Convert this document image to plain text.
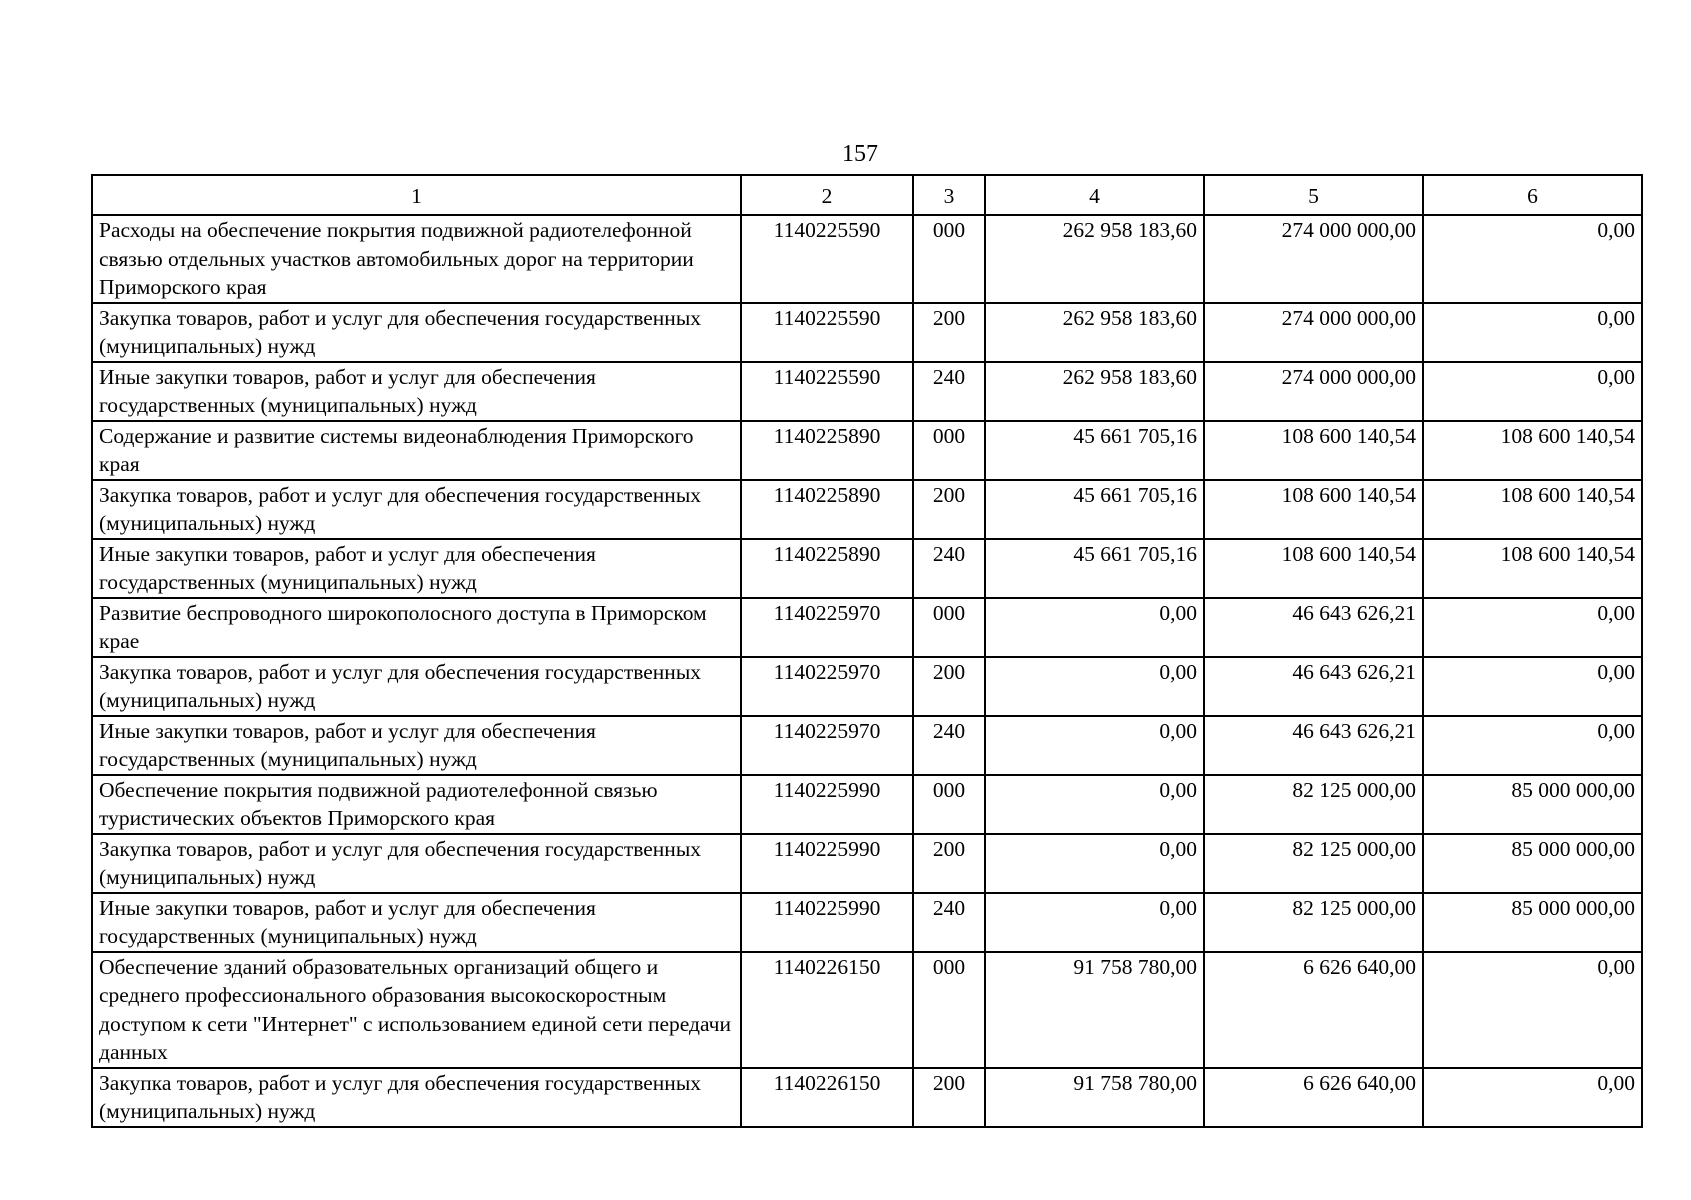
157
1	2	3	4	5	6
Расходы на обеспечение покрытия подвижной радиотелефонной связью отдельных участков автомобильных дорог на территории Приморского края	1140225590	000	262 958 183,60	274 000 000,00	0,00
Закупка товаров, работ и услуг для обеспечения государственных (муниципальных) нужд	1140225590	200	262 958 183,60	274 000 000,00	0,00
Иные закупки товаров, работ и услуг для обеспечения государственных (муниципальных) нужд	1140225590	240	262 958 183,60	274 000 000,00	0,00
Содержание и развитие системы видеонаблюдения Приморского края	1140225890	000	45 661 705,16	108 600 140,54	108 600 140,54
Закупка товаров, работ и услуг для обеспечения государственных (муниципальных) нужд	1140225890	200	45 661 705,16	108 600 140,54	108 600 140,54
Иные закупки товаров, работ и услуг для обеспечения государственных (муниципальных) нужд	1140225890	240	45 661 705,16	108 600 140,54	108 600 140,54
Развитие беспроводного широкополосного доступа в Приморском крае	1140225970	000	0,00	46 643 626,21	0,00
Закупка товаров, работ и услуг для обеспечения государственных (муниципальных) нужд	1140225970	200	0,00	46 643 626,21	0,00
Иные закупки товаров, работ и услуг для обеспечения государственных (муниципальных) нужд	1140225970	240	0,00	46 643 626,21	0,00
Обеспечение покрытия подвижной радиотелефонной связью туристических объектов Приморского края	1140225990	000	0,00	82 125 000,00	85 000 000,00
Закупка товаров, работ и услуг для обеспечения государственных (муниципальных) нужд	1140225990	200	0,00	82 125 000,00	85 000 000,00
Иные закупки товаров, работ и услуг для обеспечения государственных (муниципальных) нужд	1140225990	240	0,00	82 125 000,00	85 000 000,00
Обеспечение зданий образовательных организаций общего и среднего профессионального образования высокоскоростным доступом к сети "Интернет" с использованием единой сети передачи данных	1140226150	000	91 758 780,00	6 626 640,00	0,00
Закупка товаров, работ и услуг для обеспечения государственных (муниципальных) нужд	1140226150	200	91 758 780,00	6 626 640,00	0,00
